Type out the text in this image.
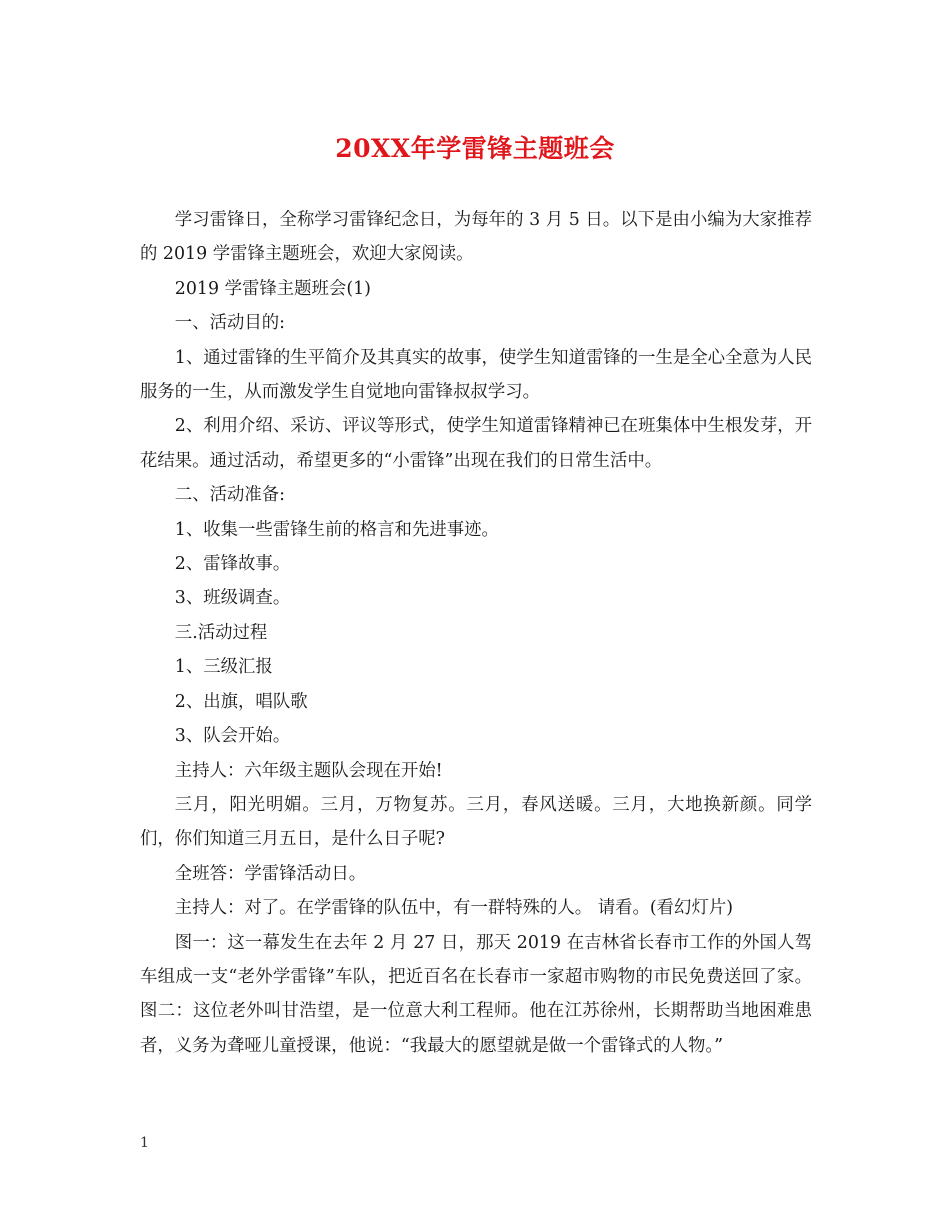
20XX年学雷锋主题班会

学习雷锋日，全称学习雷锋纪念日，为每年的 3 月 5 日。以下是由小编为大家推荐的 2019 学雷锋主题班会，欢迎大家阅读。

2019 学雷锋主题班会(1)

一、活动目的:

1、通过雷锋的生平简介及其真实的故事，使学生知道雷锋的一生是全心全意为人民服务的一生，从而激发学生自觉地向雷锋叔叔学习。

2、利用介绍、采访、评议等形式，使学生知道雷锋精神已在班集体中生根发芽，开花结果。通过活动，希望更多的“小雷锋”出现在我们的日常生活中。

二、活动准备:

1、收集一些雷锋生前的格言和先进事迹。

2、雷锋故事。

3、班级调查。

三.活动过程

1、三级汇报

2、出旗，唱队歌

3、队会开始。

主持人：六年级主题队会现在开始!

三月，阳光明媚。三月，万物复苏。三月，春风送暖。三月，大地换新颜。同学们，你们知道三月五日，是什么日子呢?

全班答：学雷锋活动日。

主持人：对了。在学雷锋的队伍中，有一群特殊的人。 请看。(看幻灯片)

图一：这一幕发生在去年 2 月 27 日，那天 2019 在吉林省长春市工作的外国人驾车组成一支“老外学雷锋”车队，把近百名在长春市一家超市购物的市民免费送回了家。 图二：这位老外叫甘浩望，是一位意大利工程师。他在江苏徐州，长期帮助当地困难患者，义务为聋哑儿童授课，他说：“我最大的愿望就是做一个雷锋式的人物。”

1
